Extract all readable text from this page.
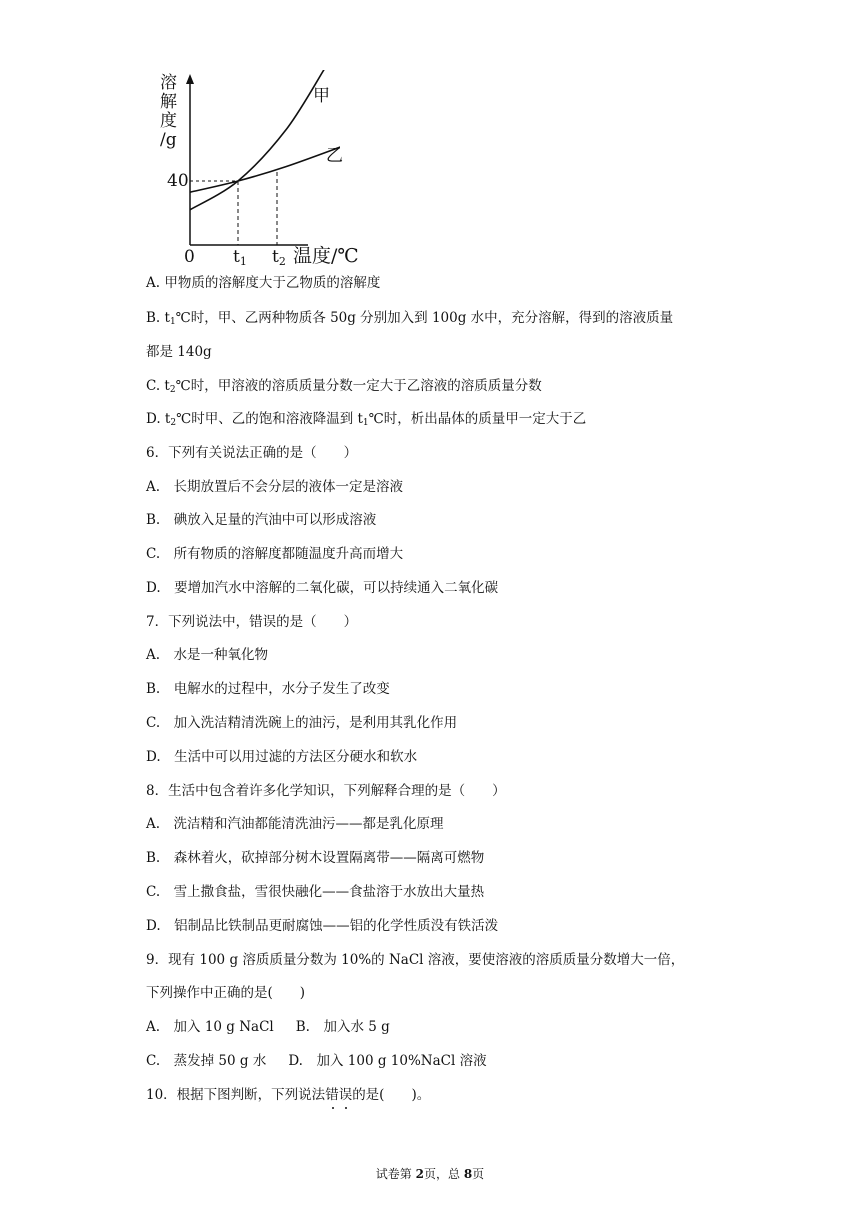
溶
解
度
/g
甲
乙
40
0 t1 t2 温度/℃
A. 甲物质的溶解度大于乙物质的溶解度
B. t1℃时，甲、乙两种物质各 50g 分别加入到 100g 水中，充分溶解，得到的溶液质量
都是 140g
C. t2℃时，甲溶液的溶质质量分数一定大于乙溶液的溶质质量分数
D. t2℃时甲、乙的饱和溶液降温到 t1℃时，析出晶体的质量甲一定大于乙
6．下列有关说法正确的是（　　）
A.　长期放置后不会分层的液体一定是溶液
B.　碘放入足量的汽油中可以形成溶液
C.　所有物质的溶解度都随温度升高而增大
D.　要增加汽水中溶解的二氧化碳，可以持续通入二氧化碳
7．下列说法中，错误的是（　　）
A.　水是一种氧化物
B.　电解水的过程中，水分子发生了改变
C.　加入洗洁精清洗碗上的油污，是利用其乳化作用
D.　生活中可以用过滤的方法区分硬水和软水
8．生活中包含着许多化学知识，下列解释合理的是（　　）
A.　洗洁精和汽油都能清洗油污——都是乳化原理
B.　森林着火，砍掉部分树木设置隔离带——隔离可燃物
C.　雪上撒食盐，雪很快融化——食盐溶于水放出大量热
D.　铝制品比铁制品更耐腐蚀——铝的化学性质没有铁活泼
9．现有 100 g 溶质质量分数为 10%的 NaCl 溶液，要使溶液的溶质质量分数增大一倍，
下列操作中正确的是(　　)
A.　加入 10 g NaCl B.　加入水 5 g
C.　蒸发掉 50 g 水 D.　加入 100 g 10%NaCl 溶液
10．根据下图判断，下列说法错误的是(　　)。
试卷第 2页，总 8页
